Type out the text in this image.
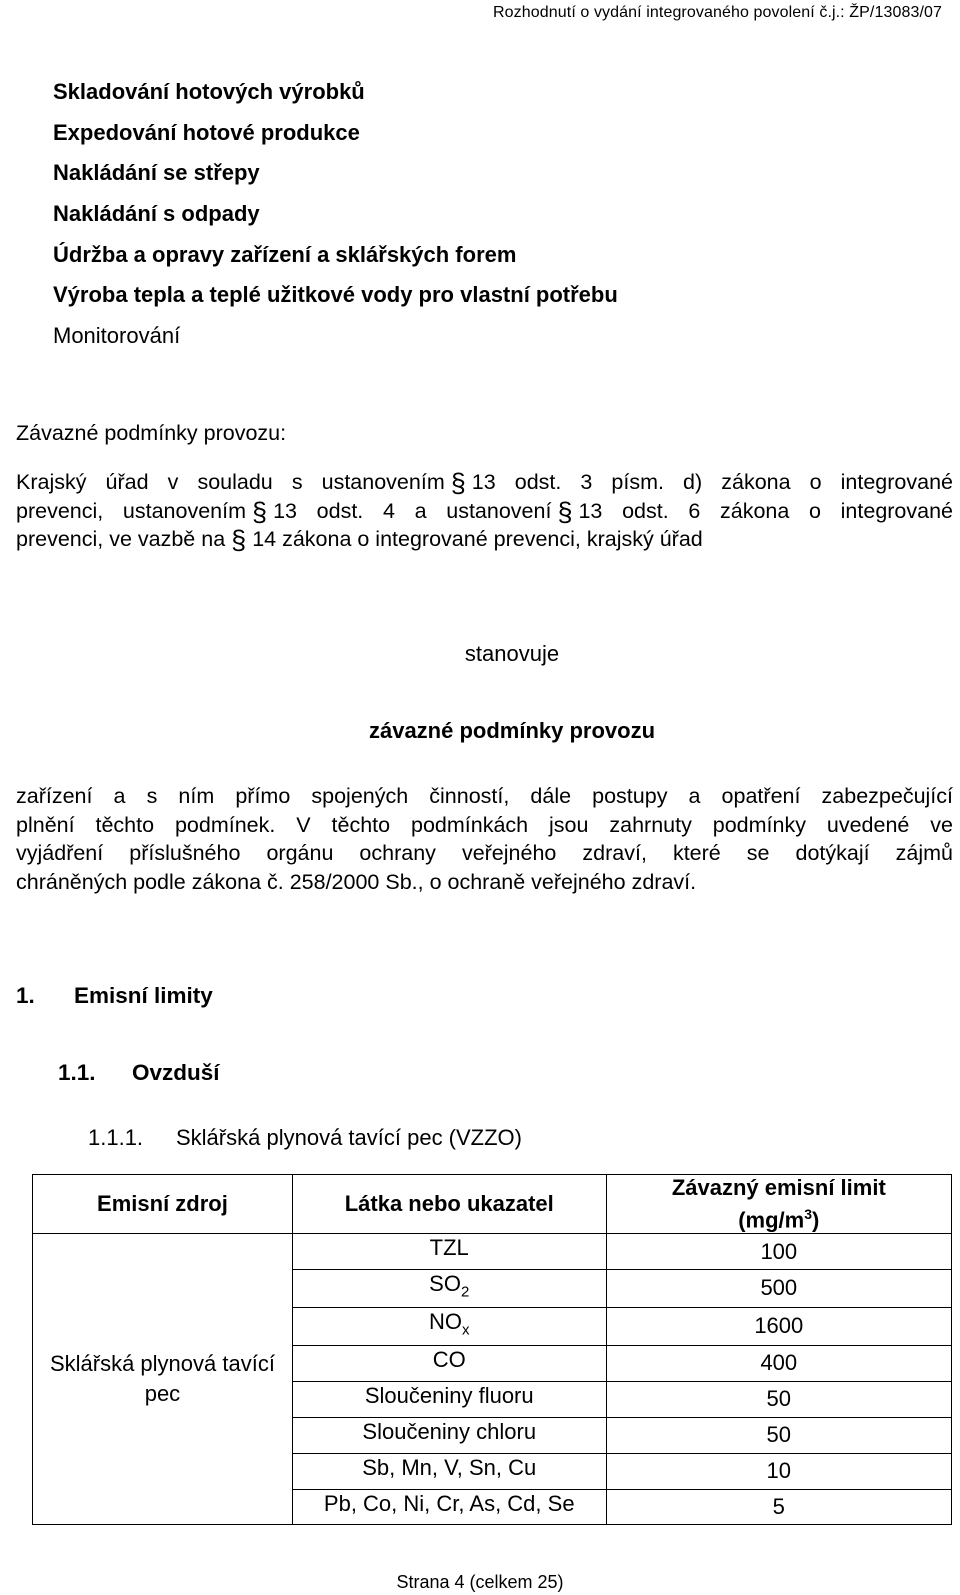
Rozhodnutí o vydání integrovaného povolení č.j.: ŽP/13083/07
Skladování hotových výrobků
Expedování hotové produkce
Nakládání se střepy
Nakládání s odpady
Údržba a opravy zařízení a sklářských forem
Výroba tepla a teplé užitkové vody pro vlastní potřebu
Monitorování
Závazné podmínky provozu:
Krajský úřad v souladu s ustanovením § 13 odst. 3 písm. d) zákona o integrované
prevenci, ustanovením § 13 odst. 4 a ustanovení § 13 odst. 6 zákona o integrované
prevenci, ve vazbě na § 14 zákona o integrované prevenci, krajský úřad
stanovuje
závazné podmínky provozu
zařízení a s ním přímo spojených činností, dále postupy a opatření zabezpečující
plnění těchto podmínek. V těchto podmínkách jsou zahrnuty podmínky uvedené ve
vyjádření příslušného orgánu ochrany veřejného zdraví, které se dotýkají zájmů
chráněných podle zákona č. 258/2000 Sb., o ochraně veřejného zdraví.
1. Emisní limity
1.1. Ovzduší
1.1.1. Sklářská plynová tavící pec (VZZO)
Emisní zdroj	Látka nebo ukazatel	Závazný emisní limit
$(mg/m^3)$
Sklářská plynová tavící
pec	TZL	100
	$SO_2$	500
	$NO_x$	1600
	CO	400
	Sloučeniny fluoru	50
	Sloučeniny chloru	50
	Sb, Mn, V, Sn, Cu	10
	Pb, Co, Ni, Cr, As, Cd, Se	5
Strana 4 (celkem 25)
